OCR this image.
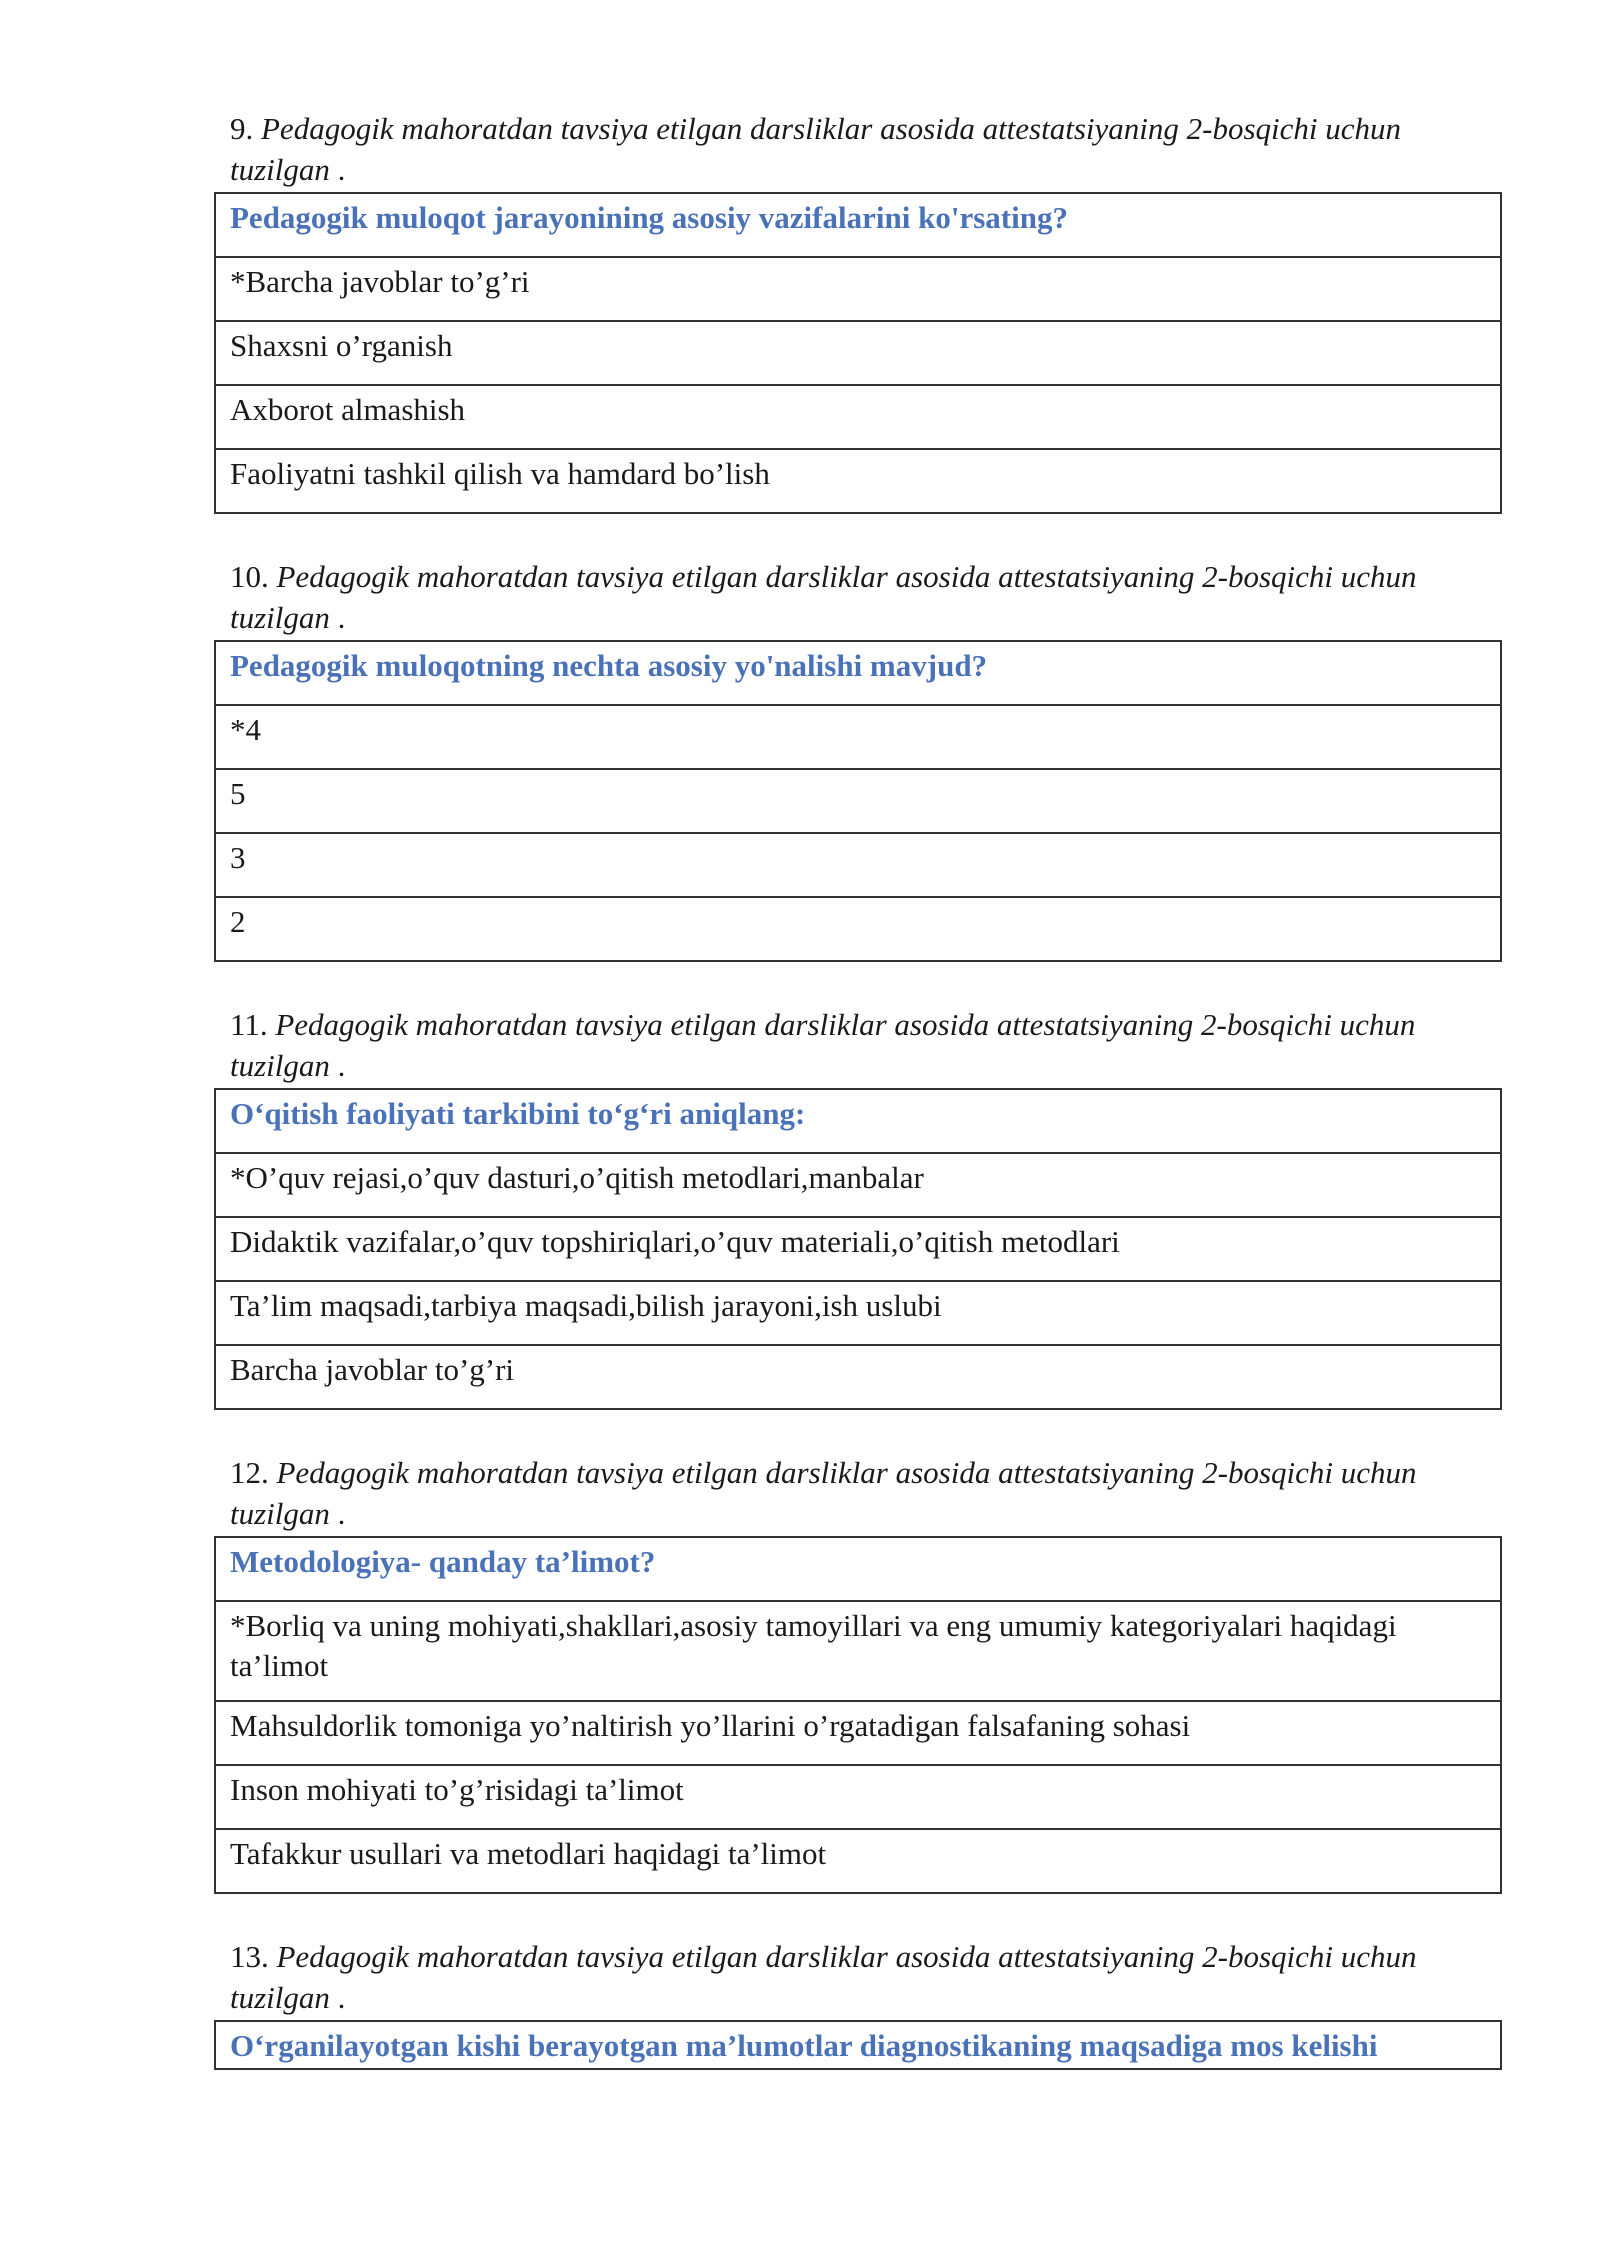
9. Pedagogik mahoratdan tavsiya etilgan darsliklar asosida attestatsiyaning 2-bosqichi uchun tuzilgan .

Pedagogik muloqot jarayonining asosiy vazifalarini ko'rsating?
*Barcha javoblar to’g’ri
Shaxsni o’rganish
Axborot almashish
Faoliyatni tashkil qilish va hamdard bo’lish

10. Pedagogik mahoratdan tavsiya etilgan darsliklar asosida attestatsiyaning 2-bosqichi uchun tuzilgan .

Pedagogik muloqotning nechta asosiy yo'nalishi mavjud?
*4
5
3
2

11. Pedagogik mahoratdan tavsiya etilgan darsliklar asosida attestatsiyaning 2-bosqichi uchun tuzilgan .

O‘qitish faoliyati tarkibini to‘g‘ri aniqlang:
*O’quv rejasi,o’quv dasturi,o’qitish metodlari,manbalar
Didaktik vazifalar,o’quv topshiriqlari,o’quv materiali,o’qitish metodlari
Ta’lim maqsadi,tarbiya maqsadi,bilish jarayoni,ish uslubi
Barcha javoblar to’g’ri

12. Pedagogik mahoratdan tavsiya etilgan darsliklar asosida attestatsiyaning 2-bosqichi uchun tuzilgan .

Metodologiya- qanday ta’limot?
*Borliq va uning mohiyati,shakllari,asosiy tamoyillari va eng umumiy kategoriyalari haqidagi ta’limot
Mahsuldorlik tomoniga yo’naltirish yo’llarini o’rgatadigan falsafaning sohasi
Inson mohiyati to’g’risidagi ta’limot
Tafakkur usullari va metodlari haqidagi ta’limot

13. Pedagogik mahoratdan tavsiya etilgan darsliklar asosida attestatsiyaning 2-bosqichi uchun tuzilgan .

O‘rganilayotgan kishi berayotgan ma’lumotlar diagnostikaning maqsadiga mos kelishi
